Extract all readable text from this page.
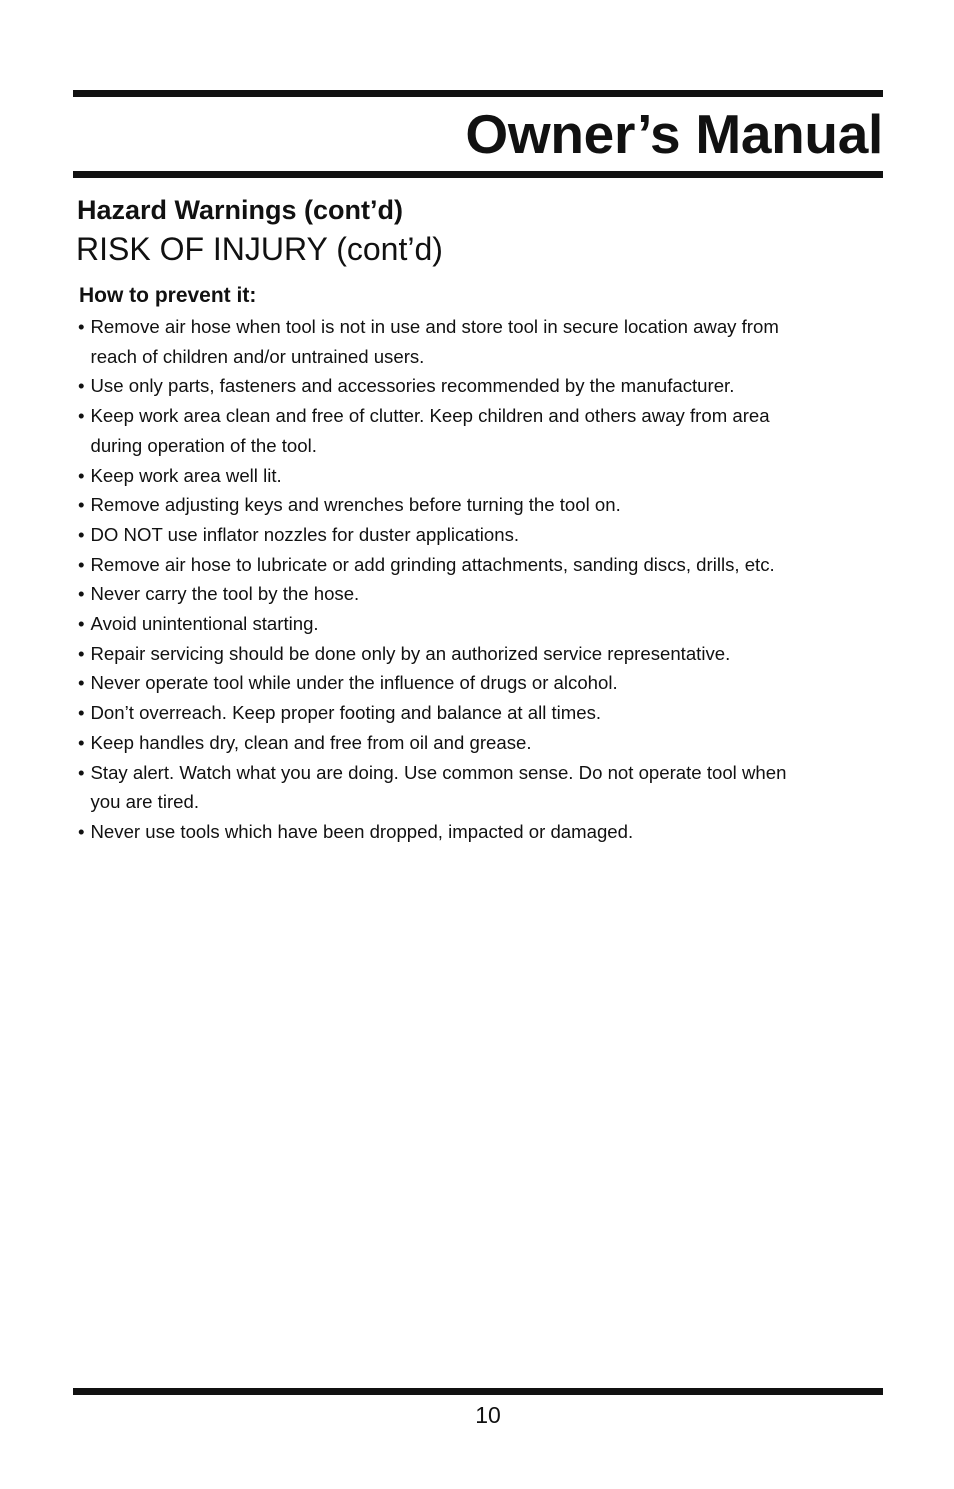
Owner’s Manual
Hazard Warnings (cont’d)
RISK OF INJURY (cont’d)
How to prevent it:
• Remove air hose when tool is not in use and store tool in secure location away from
reach of children and/or untrained users.
• Use only parts, fasteners and accessories recommended by the manufacturer.
• Keep work area clean and free of clutter. Keep children and others away from area
during operation of the tool.
• Keep work area well lit.
• Remove adjusting keys and wrenches before turning the tool on.
• DO NOT use inflator nozzles for duster applications.
• Remove air hose to lubricate or add grinding attachments, sanding discs, drills, etc.
• Never carry the tool by the hose.
• Avoid unintentional starting.
• Repair servicing should be done only by an authorized service representative.
• Never operate tool while under the influence of drugs or alcohol.
• Don’t overreach. Keep proper footing and balance at all times.
• Keep handles dry, clean and free from oil and grease.
• Stay alert. Watch what you are doing. Use common sense. Do not operate tool when
you are tired.
• Never use tools which have been dropped, impacted or damaged.
10
